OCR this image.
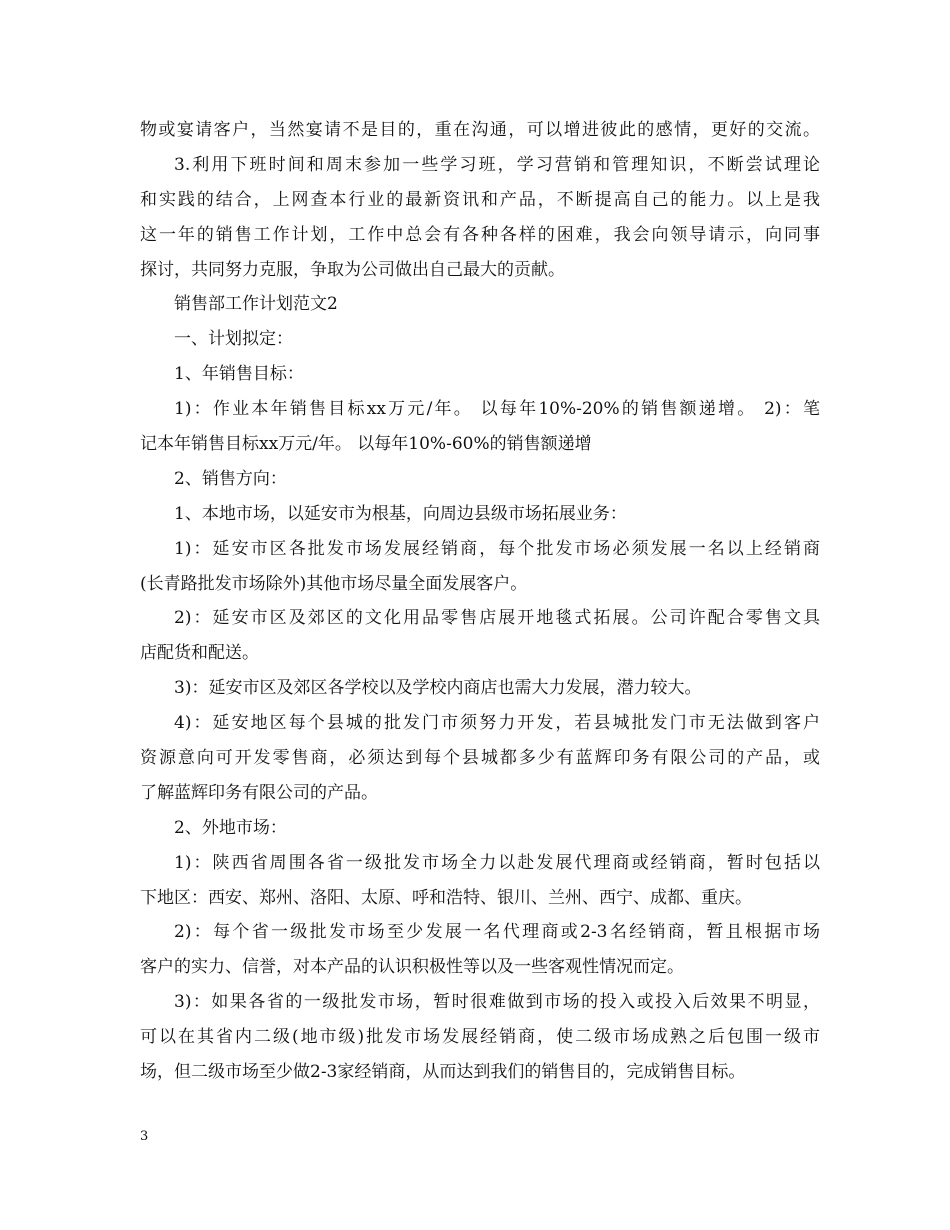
物或宴请客户，当然宴请不是目的，重在沟通，可以增进彼此的感情，更好的交流。
3.利用下班时间和周末参加一些学习班，学习营销和管理知识，不断尝试理论
和实践的结合，上网查本行业的最新资讯和产品，不断提高自己的能力。以上是我
这一年的销售工作计划，工作中总会有各种各样的困难，我会向领导请示，向同事
探讨，共同努力克服，争取为公司做出自己最大的贡献。
销售部工作计划范文2
一、计划拟定：
1、年销售目标：
1)：作业本年销售目标xx万元/年。 以每年10%-20%的销售额递增。 2)：笔
记本年销售目标xx万元/年。 以每年10%-60%的销售额递增
2、销售方向：
1、本地市场，以延安市为根基，向周边县级市场拓展业务：
1)：延安市区各批发市场发展经销商，每个批发市场必须发展一名以上经销商
(长青路批发市场除外)其他市场尽量全面发展客户。
2)：延安市区及郊区的文化用品零售店展开地毯式拓展。公司许配合零售文具
店配货和配送。
3)：延安市区及郊区各学校以及学校内商店也需大力发展，潜力较大。
4)：延安地区每个县城的批发门市须努力开发，若县城批发门市无法做到客户
资源意向可开发零售商，必须达到每个县城都多少有蓝辉印务有限公司的产品，或
了解蓝辉印务有限公司的产品。
2、外地市场：
1)：陕西省周围各省一级批发市场全力以赴发展代理商或经销商，暂时包括以
下地区：西安、郑州、洛阳、太原、呼和浩特、银川、兰州、西宁、成都、重庆。
2)：每个省一级批发市场至少发展一名代理商或2-3名经销商，暂且根据市场
客户的实力、信誉，对本产品的认识积极性等以及一些客观性情况而定。
3)：如果各省的一级批发市场，暂时很难做到市场的投入或投入后效果不明显，
可以在其省内二级(地市级)批发市场发展经销商，使二级市场成熟之后包围一级市
场，但二级市场至少做2-3家经销商，从而达到我们的销售目的，完成销售目标。
3
